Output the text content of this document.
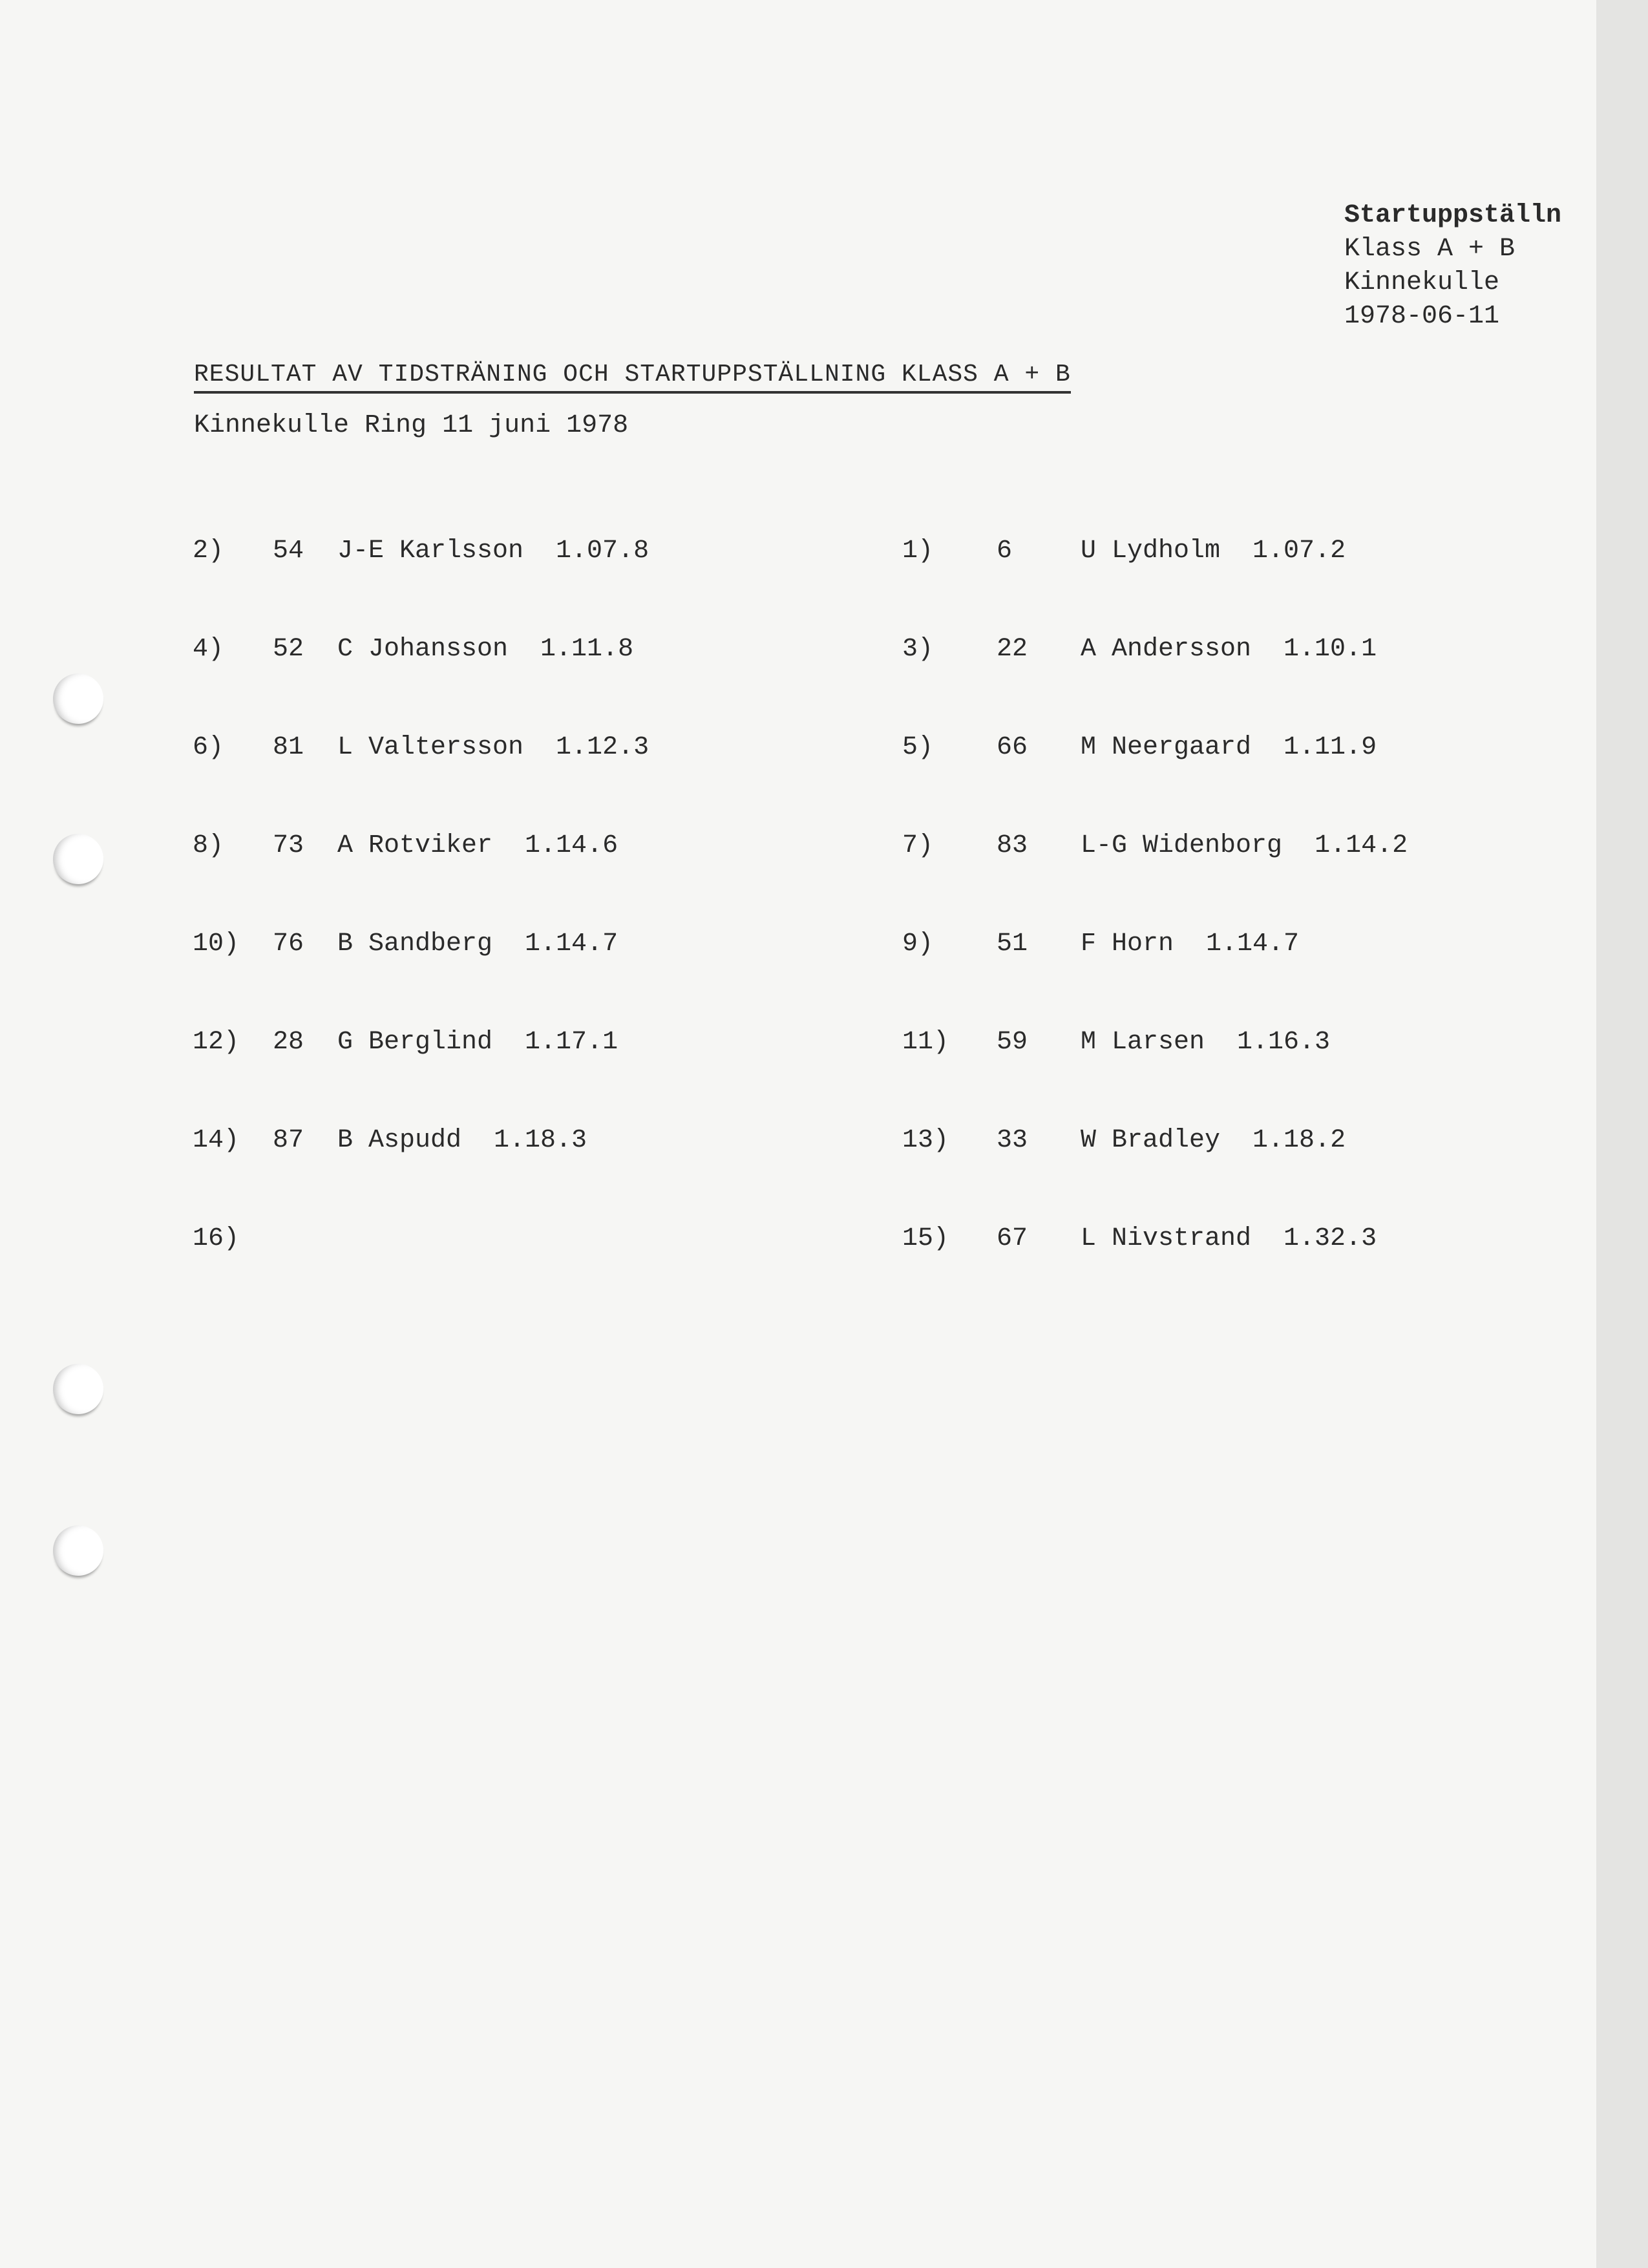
Startuppställn
Klass A + B
Kinnekulle
1978-06-11
RESULTAT AV TIDSTRÄNING OCH STARTUPPSTÄLLNING KLASS A + B
Kinnekulle Ring 11 juni 1978
2) 54 J-E Karlsson 1.07.8
4) 52 C Johansson 1.11.8
6) 81 L Valtersson 1.12.3
8) 73 A Rotviker 1.14.6
10) 76 B Sandberg 1.14.7
12) 28 G Berglind 1.17.1
14) 87 B Aspudd 1.18.3
16)
1) 6	U Lydholm 1.07.2
3) 22 A Andersson 1.10.1
5) 66 M Neergaard 1.11.9
7) 83 L-G Widenborg 1.14.2
9) 51 F Horn 1.14.7
11) 59 M Larsen 1.16.3
13) 33 W Bradley 1.18.2
15) 67 L Nivstrand 1.32.3
